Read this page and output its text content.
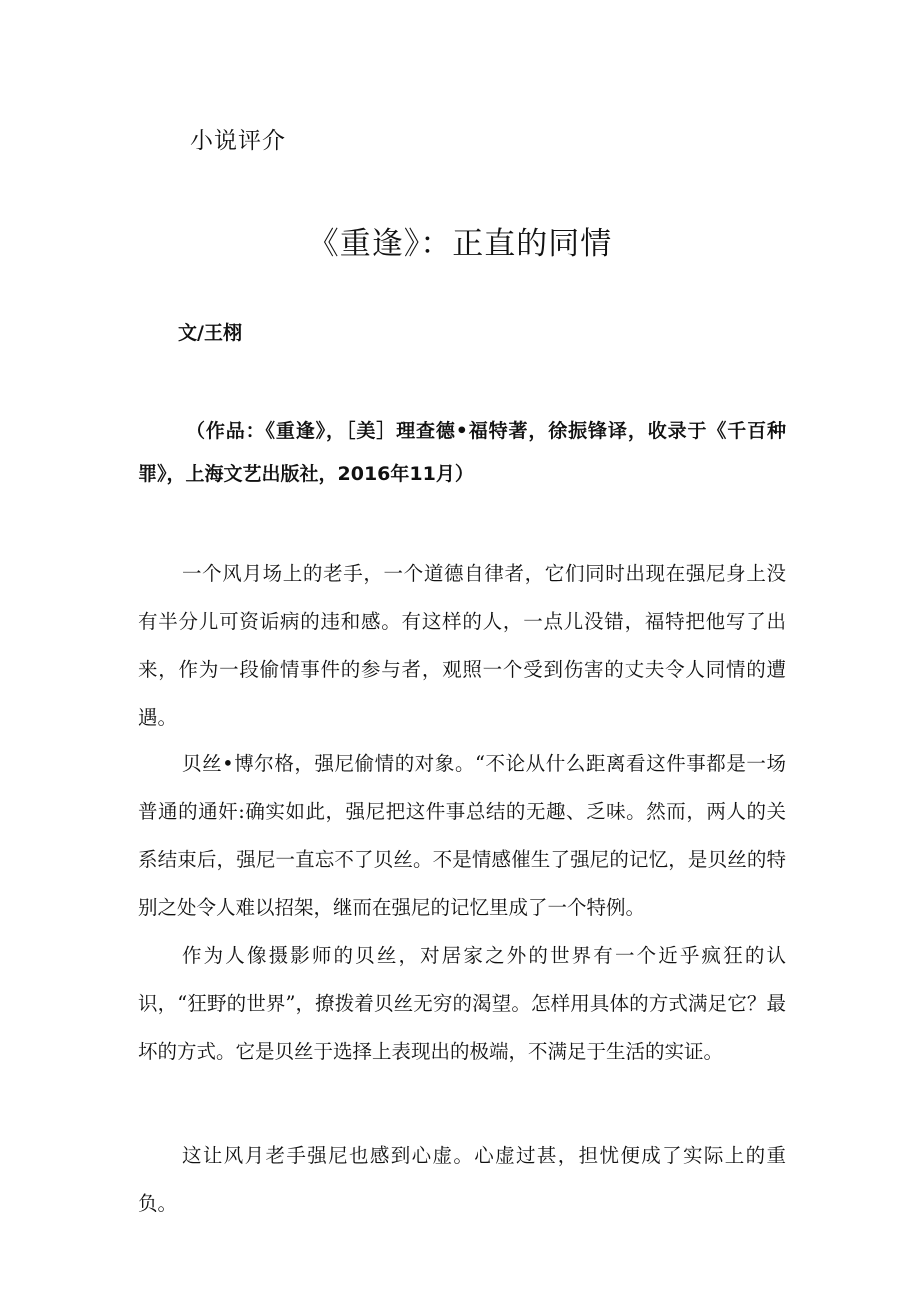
小说评介
《重逢》：正直的同情
文/王栩
（作品：《重逢》，［美］理查德•福特著，徐振锋译，收录于《千百种罪》，上海文艺出版社，2016年11月）

一个风月场上的老手，一个道德自律者，它们同时出现在强尼身上没有半分儿可资诟病的违和感。有这样的人，一点儿没错，福特把他写了出来，作为一段偷情事件的参与者，观照一个受到伤害的丈夫令人同情的遭遇。

贝丝•博尔格，强尼偷情的对象。“不论从什么距离看这件事都是一场普通的通奸:确实如此，强尼把这件事总结的无趣、乏味。然而，两人的关系结束后，强尼一直忘不了贝丝。不是情感催生了强尼的记忆，是贝丝的特别之处令人难以招架，继而在强尼的记忆里成了一个特例。

作为人像摄影师的贝丝，对居家之外的世界有一个近乎疯狂的认识，“狂野的世界”，撩拨着贝丝无穷的渴望。怎样用具体的方式满足它？最坏的方式。它是贝丝于选择上表现出的极端，不满足于生活的实证。

这让风月老手强尼也感到心虚。心虚过甚，担忧便成了实际上的重负。
